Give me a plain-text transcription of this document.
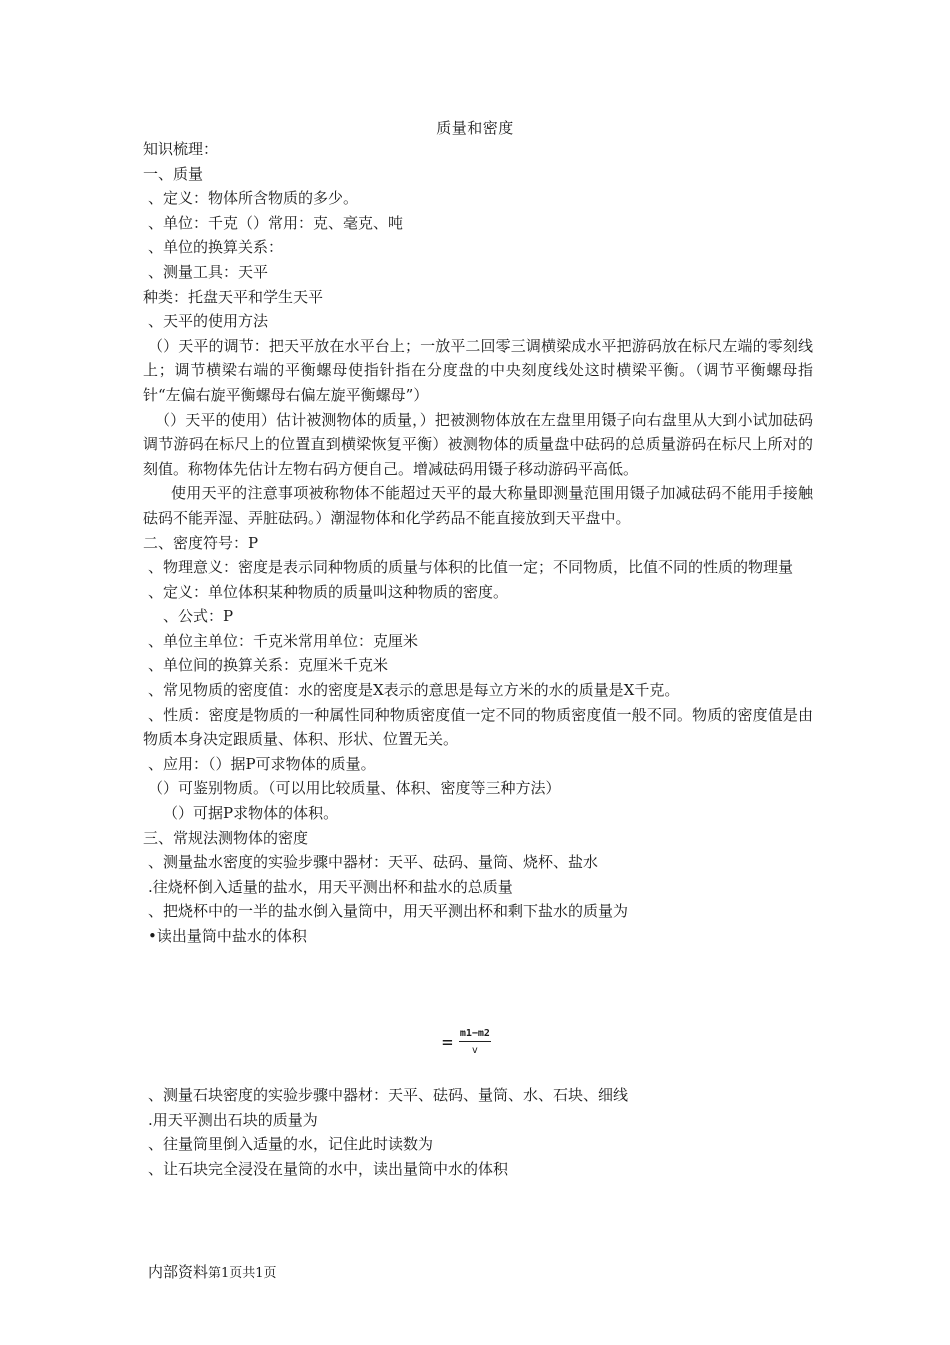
质量和密度

知识梳理：

一、质量

、定义：物体所含物质的多少。

、单位：千克（）常用：克、毫克、吨

、单位的换算关系：

、测量工具：天平

种类：托盘天平和学生天平

、天平的使用方法

（）天平的调节：把天平放在水平台上；一放平二回零三调横梁成水平把游码放在标尺左端的零刻线上；调节横梁右端的平衡螺母使指针指在分度盘的中央刻度线处这时横梁平衡。（调节平衡螺母指针“左偏右旋平衡螺母右偏左旋平衡螺母”）

（）天平的使用）估计被测物体的质量，）把被测物体放在左盘里用镊子向右盘里从大到小试加砝码调节游码在标尺上的位置直到横梁恢复平衡）被测物体的质量盘中砝码的总质量游码在标尺上所对的刻值。称物体先估计左物右码方便自己。增减砝码用镊子移动游码平高低。

使用天平的注意事项被称物体不能超过天平的最大称量即测量范围用镊子加减砝码不能用手接触砝码不能弄湿、弄脏砝码。）潮湿物体和化学药品不能直接放到天平盘中。

二、密度符号：P

、物理意义：密度是表示同种物质的质量与体积的比值一定；不同物质，比值不同的性质的物理量

、定义：单位体积某种物质的质量叫这种物质的密度。

、公式：P

、单位主单位：千克米常用单位：克厘米

、单位间的换算关系：克厘米千克米

、常见物质的密度值：水的密度是X表示的意思是每立方米的水的质量是X千克。

、性质：密度是物质的一种属性同种物质密度值一定不同的物质密度值一般不同。物质的密度值是由物质本身决定跟质量、体积、形状、位置无关。

、应用：（）据P可求物体的质量。

（）可鉴别物质。（可以用比较质量、体积、密度等三种方法）

（）可据P求物体的体积。

三、常规法测物体的密度

、测量盐水密度的实验步骤中器材：天平、砝码、量筒、烧杯、盐水

.往烧杯倒入适量的盐水，用天平测出杯和盐水的总质量

、把烧杯中的一半的盐水倒入量筒中，用天平测出杯和剩下盐水的质量为

•读出量筒中盐水的体积

= $\frac{m1-m2}{v}$

、测量石块密度的实验步骤中器材：天平、砝码、量筒、水、石块、细线

.用天平测出石块的质量为

、往量筒里倒入适量的水，记住此时读数为

、让石块完全浸没在量筒的水中，读出量筒中水的体积

内部资料第1页共1页
